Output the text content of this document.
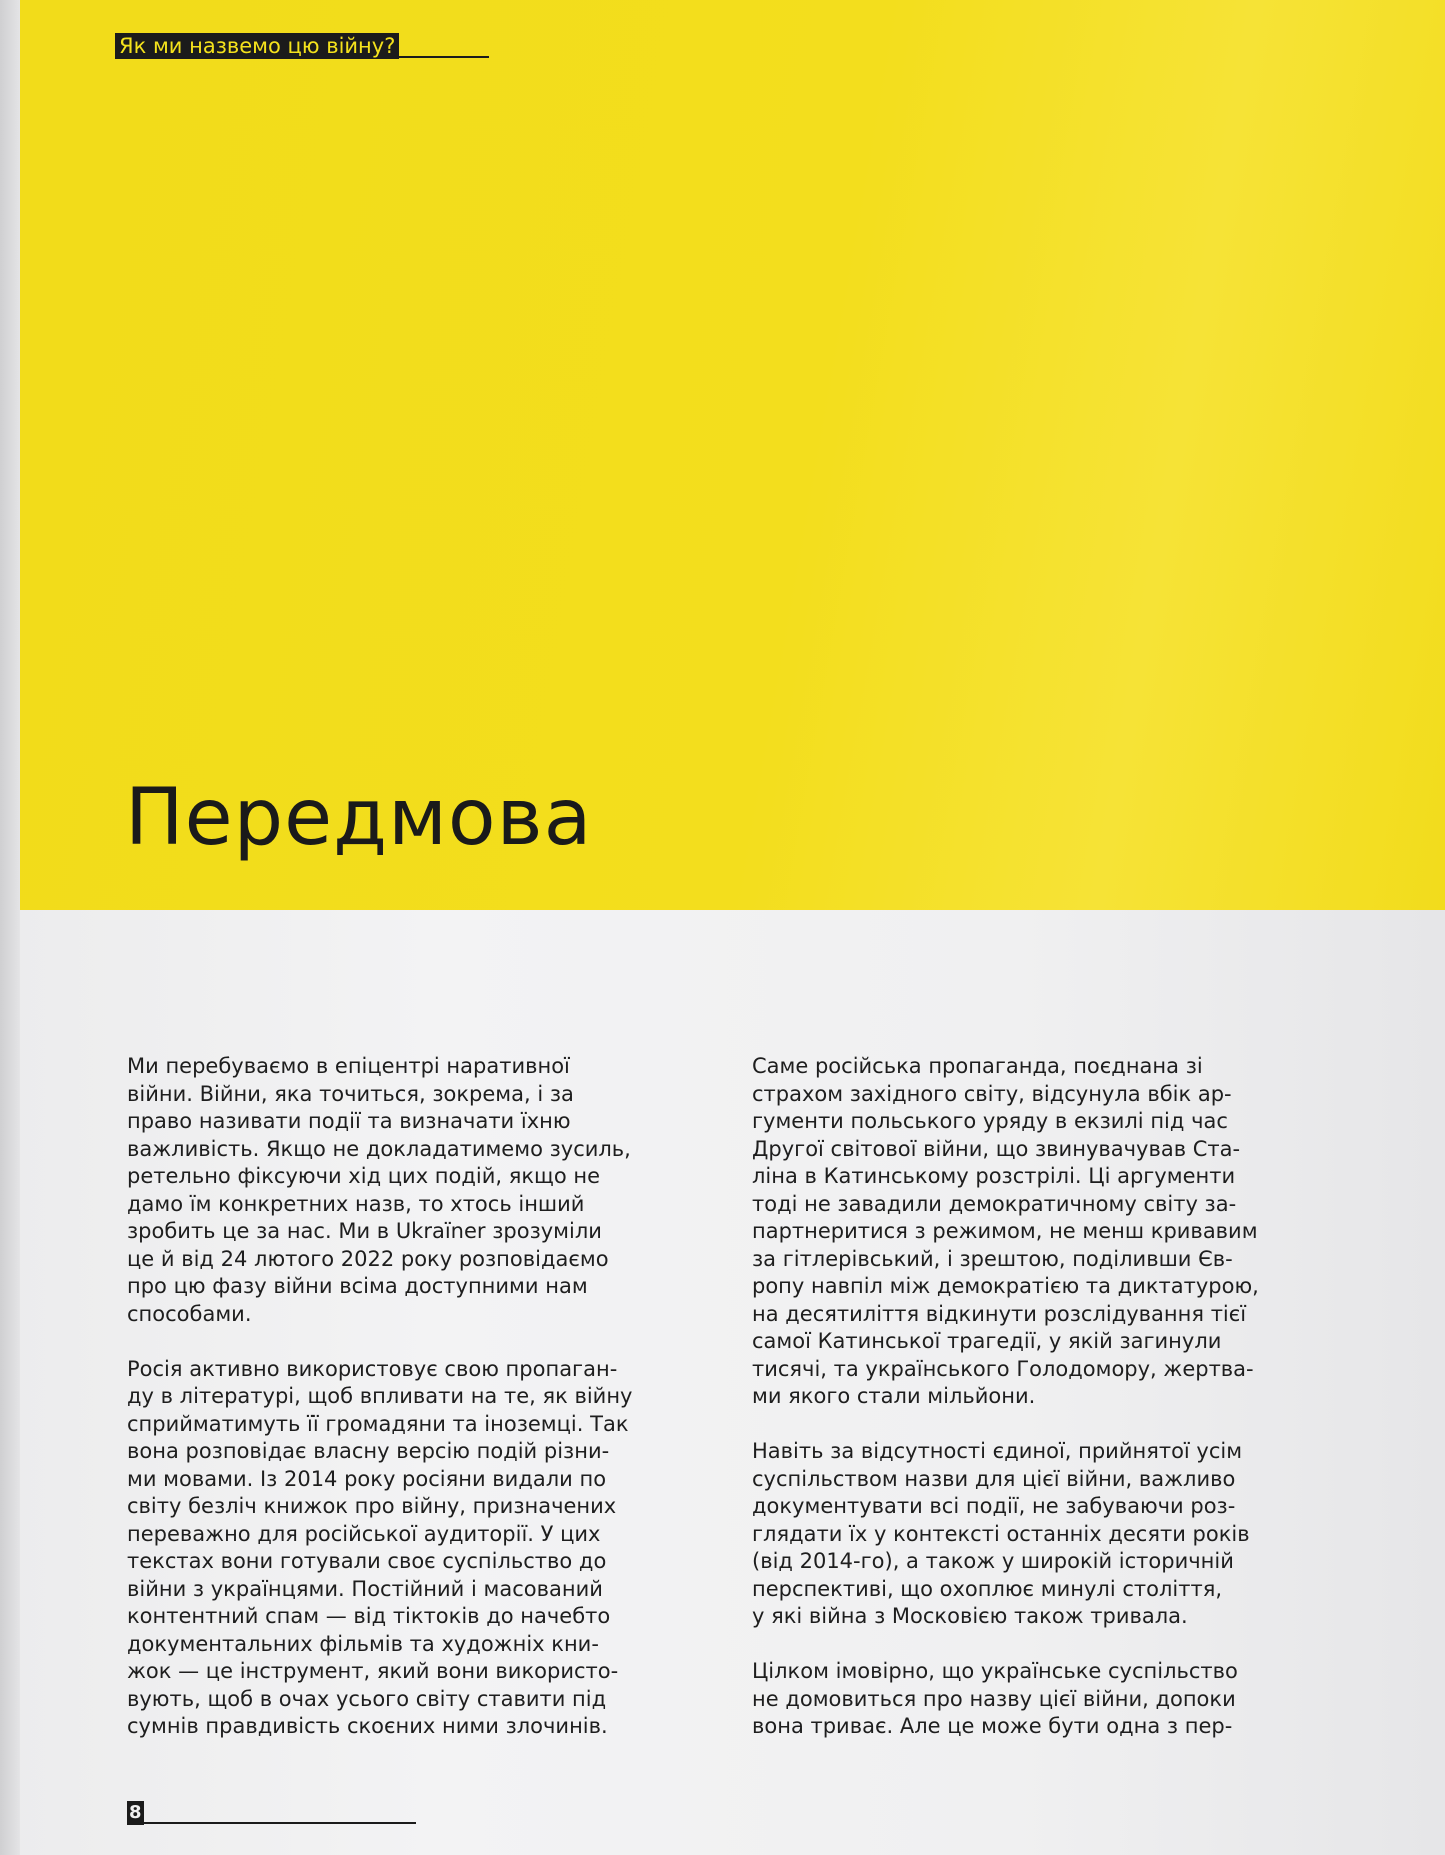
Як ми назвемо цю війну?
Передмова

Ми перебуваємо в епіцентрі наративної
війни. Війни, яка точиться, зокрема, і за
право називати події та визначати їхню
важливість. Якщо не докладатимемо зусиль,
ретельно фіксуючи хід цих подій, якщо не
дамо їм конкретних назв, то хтось інший
зробить це за нас. Ми в Ukraїner зрозуміли
це й від 24 лютого 2022 року розповідаємо
про цю фазу війни всіма доступними нам
способами.

Росія активно використовує свою пропаган-
ду в літературі, щоб впливати на те, як війну
сприйматимуть її громадяни та іноземці. Так
вона розповідає власну версію подій різни-
ми мовами. Із 2014 року росіяни видали по
світу безліч книжок про війну, призначених
переважно для російської аудиторії. У цих
текстах вони готували своє суспільство до
війни з українцями. Постійний і масований
контентний спам — від тіктоків до начебто
документальних фільмів та художніх кни-
жок — це інструмент, який вони використо-
вують, щоб в очах усього світу ставити під
сумнів правдивість скоєних ними злочинів.

Саме російська пропаганда, поєднана зі
страхом західного світу, відсунула вбік ар-
гументи польського уряду в екзилі під час
Другої світової війни, що звинувачував Ста-
ліна в Катинському розстрілі. Ці аргументи
тоді не завадили демократичному світу за-
партнеритися з режимом, не менш кривавим
за гітлерівський, і зрештою, поділивши Єв-
ропу навпіл між демократією та диктатурою,
на десятиліття відкинути розслідування тієї
самої Катинської трагедії, у якій загинули
тисячі, та українського Голодомору, жертва-
ми якого стали мільйони.

Навіть за відсутності єдиної, прийнятої усім
суспільством назви для цієї війни, важливо
документувати всі події, не забуваючи роз-
глядати їх у контексті останніх десяти років
(від 2014-го), а також у широкій історичній
перспективі, що охоплює минулі століття,
у які війна з Московією також тривала.

Цілком імовірно, що українське суспільство
не домовиться про назву цієї війни, допоки
вона триває. Але це може бути одна з пер-

8
